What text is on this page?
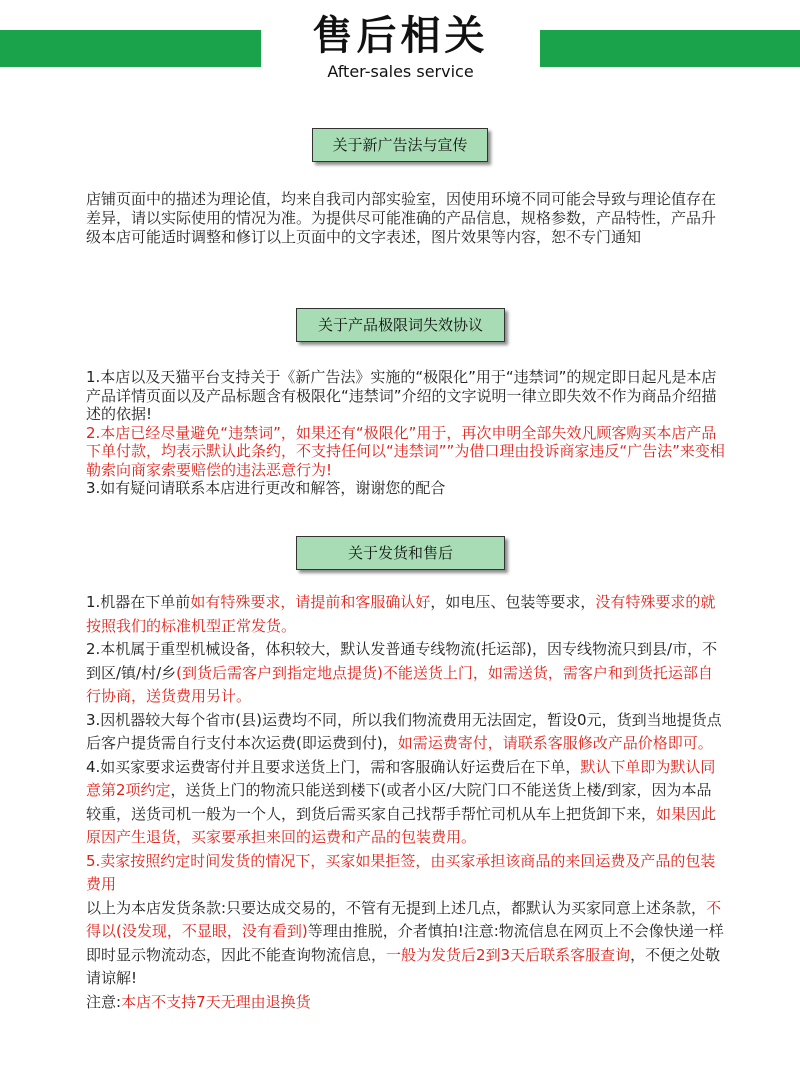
售后相关
After-sales service
关于新广告法与宣传

店铺页面中的描述为理论值，均来自我司内部实验室，因使用环境不同可能会导致与理论值存在差异，请以实际使用的情况为准。为提供尽可能准确的产品信息，规格参数，产品特性，产品升级本店可能适时调整和修订以上页面中的文字表述，图片效果等内容，恕不专门通知

关于产品极限词失效协议

1.本店以及天猫平台支持关于《新广告法》实施的“极限化”用于“违禁词”的规定即日起凡是本店产品详情页面以及产品标题含有极限化“违禁词”介绍的文字说明一律立即失效不作为商品介绍描述的依据!

2.本店已经尽量避免“违禁词”，如果还有“极限化”用于，再次申明全部失效凡顾客购买本店产品下单付款，均表示默认此条约，不支持任何以“违禁词””为借口理由投诉商家违反“广告法”来变相勒索向商家索要赔偿的违法恶意行为!

3.如有疑问请联系本店进行更改和解答，谢谢您的配合

关于发货和售后

1.机器在下单前如有特殊要求，请提前和客服确认好，如电压、包装等要求，没有特殊要求的就按照我们的标准机型正常发货。

2.本机属于重型机械设备，体积较大，默认发普通专线物流(托运部)，因专线物流只到县/市，不到区/镇/村/乡(到货后需客户到指定地点提货)不能送货上门，如需送货，需客户和到货托运部自行协商，送货费用另计。

3.因机器较大每个省市(县)运费均不同，所以我们物流费用无法固定，暂设0元，货到当地提货点后客户提货需自行支付本次运费(即运费到付)，如需运费寄付，请联系客服修改产品价格即可。

4.如买家要求运费寄付并且要求送货上门，需和客服确认好运费后在下单，默认下单即为默认同意第2项约定，送货上门的物流只能送到楼下(或者小区/大院门口不能送货上楼/到家，因为本品较重，送货司机一般为一个人，到货后需买家自己找帮手帮忙司机从车上把货卸下来，如果因此原因产生退货，买家要承担来回的运费和产品的包装费用。

5.卖家按照约定时间发货的情况下，买家如果拒签，由买家承担该商品的来回运费及产品的包装费用

以上为本店发货条款:只要达成交易的，不管有无提到上述几点，都默认为买家同意上述条款，不得以(没发现，不显眼，没有看到)等理由推脱，介者慎拍!注意:物流信息在网页上不会像快递一样即时显示物流动态，因此不能查询物流信息，一般为发货后2到3天后联系客服查询，不便之处敬请谅解!

注意:本店不支持7天无理由退换货
